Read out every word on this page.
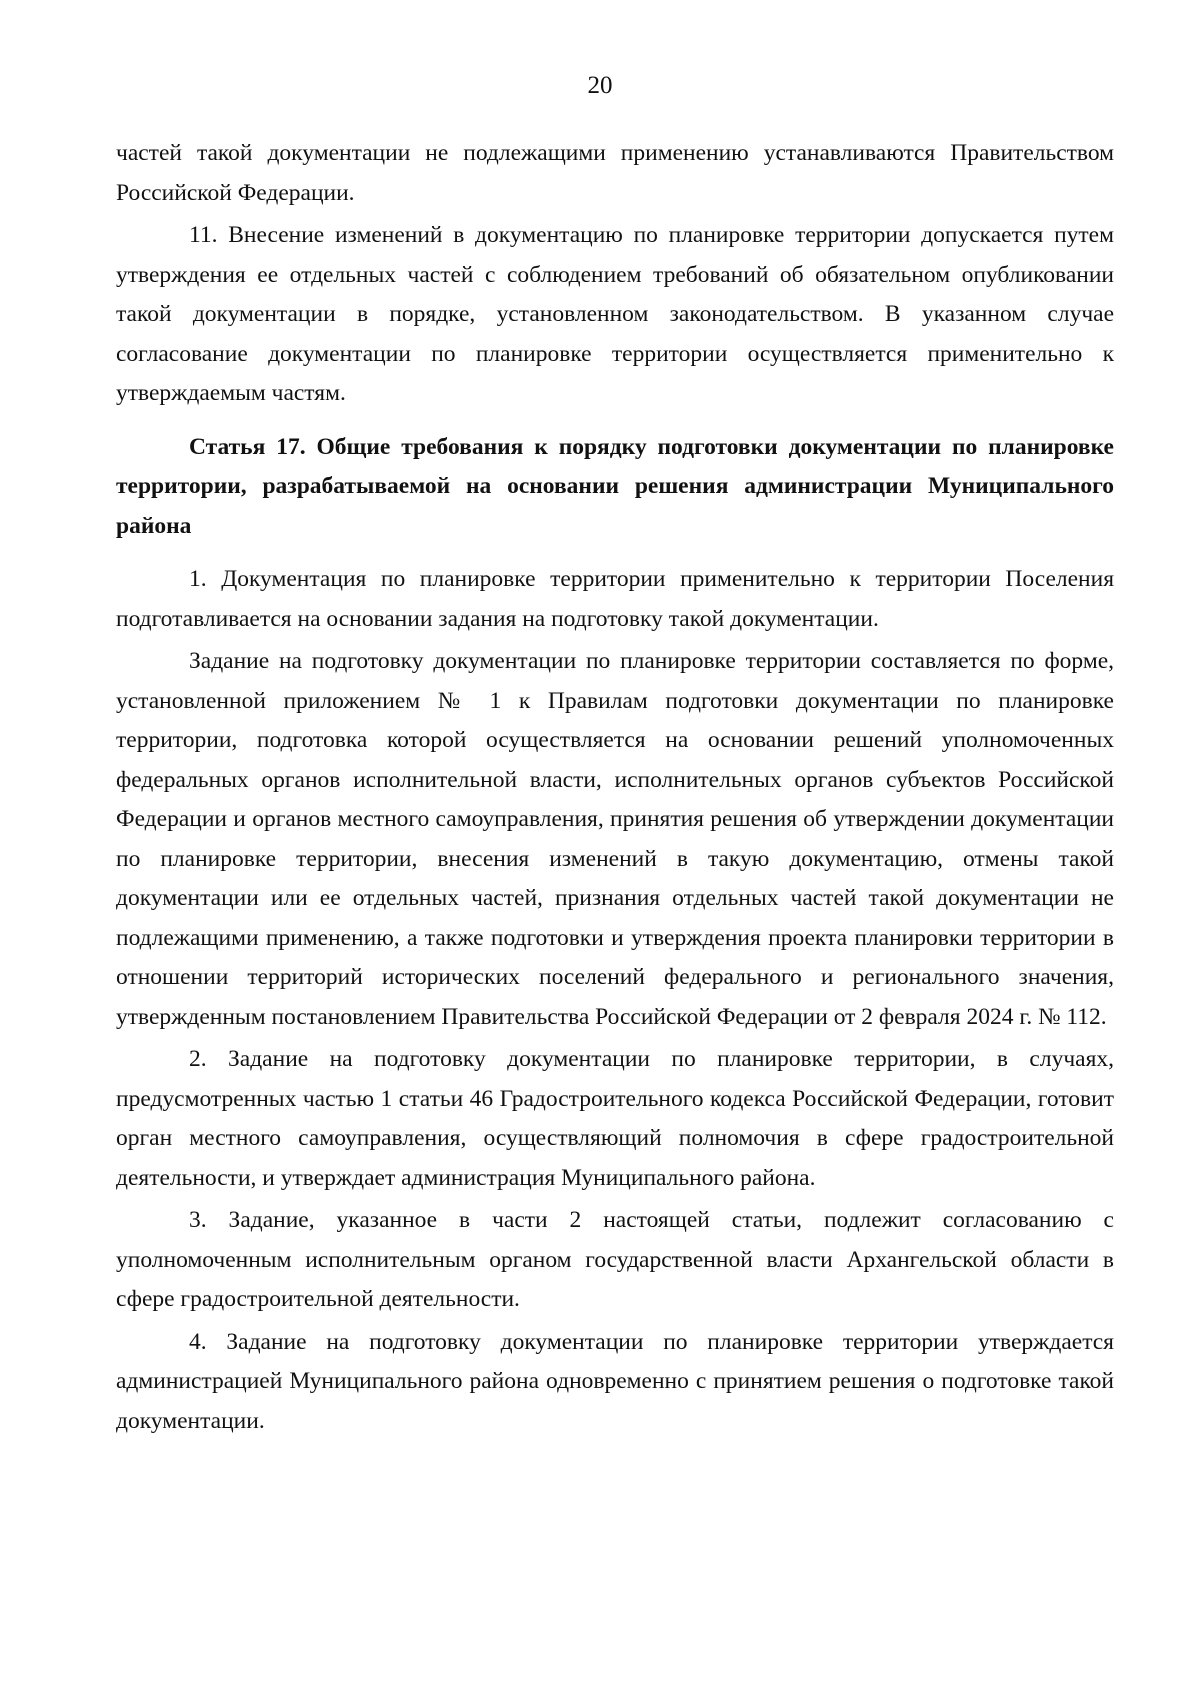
20

частей такой документации не подлежащими применению устанавливаются Правительством Российской Федерации.

11. Внесение изменений в документацию по планировке территории допускается путем утверждения ее отдельных частей с соблюдением требований об обязательном опубликовании такой документации в порядке, установленном законодательством. В указанном случае согласование документации по планировке территории осуществляется применительно к утверждаемым частям.

Статья 17. Общие требования к порядку подготовки документации по планировке территории, разрабатываемой на основании решения администрации Муниципального района

1. Документация по планировке территории применительно к территории Поселения подготавливается на основании задания на подготовку такой документации.

Задание на подготовку документации по планировке территории составляется по форме, установленной приложением № 1 к Правилам подготовки документации по планировке территории, подготовка которой осуществляется на основании решений уполномоченных федеральных органов исполнительной власти, исполнительных органов субъектов Российской Федерации и органов местного самоуправления, принятия решения об утверждении документации по планировке территории, внесения изменений в такую документацию, отмены такой документации или ее отдельных частей, признания отдельных частей такой документации не подлежащими применению, а также подготовки и утверждения проекта планировки территории в отношении территорий исторических поселений федерального и регионального значения, утвержденным постановлением Правительства Российской Федерации от 2 февраля 2024 г. № 112.

2. Задание на подготовку документации по планировке территории, в случаях, предусмотренных частью 1 статьи 46 Градостроительного кодекса Российской Федерации, готовит орган местного самоуправления, осуществляющий полномочия в сфере градостроительной деятельности, и утверждает администрация Муниципального района.

3. Задание, указанное в части 2 настоящей статьи, подлежит согласованию с уполномоченным исполнительным органом государственной власти Архангельской области в сфере градостроительной деятельности.

4. Задание на подготовку документации по планировке территории утверждается администрацией Муниципального района одновременно с принятием решения о подготовке такой документации.
